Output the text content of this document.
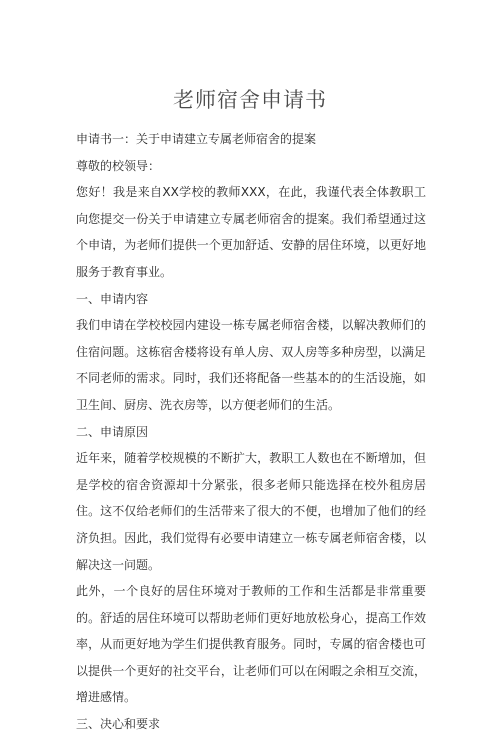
老师宿舍申请书

申请书一：关于申请建立专属老师宿舍的提案

尊敬的校领导：

您好！我是来自XX学校的教师XXX，在此，我谨代表全体教职工向您提交一份关于申请建立专属老师宿舍的提案。我们希望通过这个申请，为老师们提供一个更加舒适、安静的居住环境，以更好地服务于教育事业。

一、申请内容

我们申请在学校校园内建设一栋专属老师宿舍楼，以解决教师们的住宿问题。这栋宿舍楼将设有单人房、双人房等多种房型，以满足不同老师的需求。同时，我们还将配备一些基本的的生活设施，如卫生间、厨房、洗衣房等，以方便老师们的生活。

二、申请原因

近年来，随着学校规模的不断扩大，教职工人数也在不断增加，但是学校的宿舍资源却十分紧张，很多老师只能选择在校外租房居住。这不仅给老师们的生活带来了很大的不便，也增加了他们的经济负担。因此，我们觉得有必要申请建立一栋专属老师宿舍楼，以解决这一问题。

此外，一个良好的居住环境对于教师的工作和生活都是非常重要的。舒适的居住环境可以帮助老师们更好地放松身心，提高工作效率，从而更好地为学生们提供教育服务。同时，专属的宿舍楼也可以提供一个更好的社交平台，让老师们可以在闲暇之余相互交流，增进感情。

三、决心和要求
